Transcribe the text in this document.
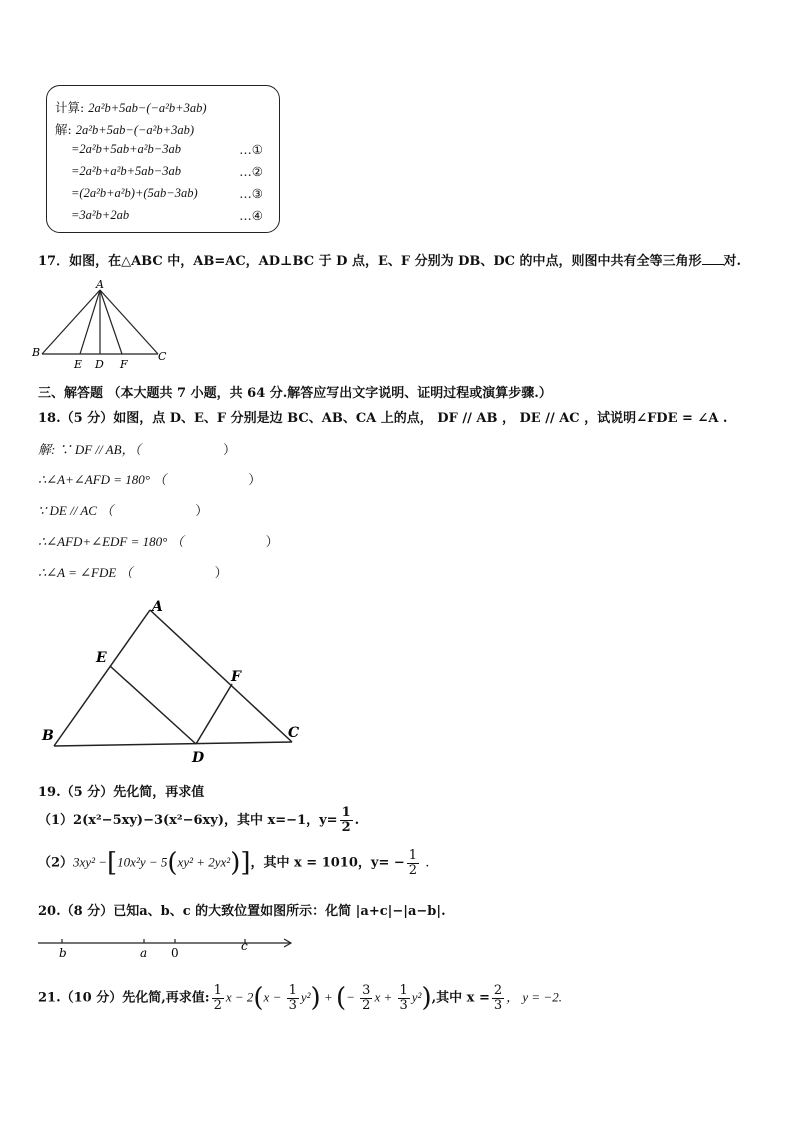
计算: 2a²b+5ab−(−a²b+3ab)
解: 2a²b+5ab−(−a²b+3ab)
=2a²b+5ab+a²b−3ab	…①
=2a²b+a²b+5ab−3ab	…②
=(2a²b+a²b)+(5ab−3ab)	…③
=3a²b+2ab	…④
17．如图，在△ABC 中，AB=AC，AD⊥BC 于 D 点，E、F 分别为 DB、DC 的中点，则图中共有全等三角形 对.
A
B
E D F
C
三、解答题 （本大题共 7 小题，共 64 分.解答应写出文字说明、证明过程或演算步骤.）
18.（5 分）如图，点 D、E、F 分别是边 BC、AB、CA 上的点， DF // AB ， DE // AC ，试说明∠FDE = ∠A .
解: ∵ DF // AB，（	）
∴∠A+∠AFD = 180° （	）
∵ DE // AC （	）
∴∠AFD+∠EDF = 180° （	）
∴∠A = ∠FDE （	）
A
E
F
B
D
C
19.（5 分）先化简，再求值
（1）2(x²−5xy)−3(x²−6xy)，其中 x=−1，$y= \frac{1}{2}$ .
（2）3xy² −[10x²y − 5(xy² + 2yx²)]，其中 x = 1010，$y= - \frac{1}{2}$ .
20.（8 分）已知a、b、c 的大致位置如图所示：化简 |a+c|−|a−b|.
b	a 0	c
21.（10 分）先化简,再求值: $\frac{1}{2}$ $x - 2(x - \frac{1}{3} y^2)$ + (− $\frac{3}{2}$ $x + \frac{1}{3} y^2$),其中 $x = \frac{2}{3}$ ， y = −2.
